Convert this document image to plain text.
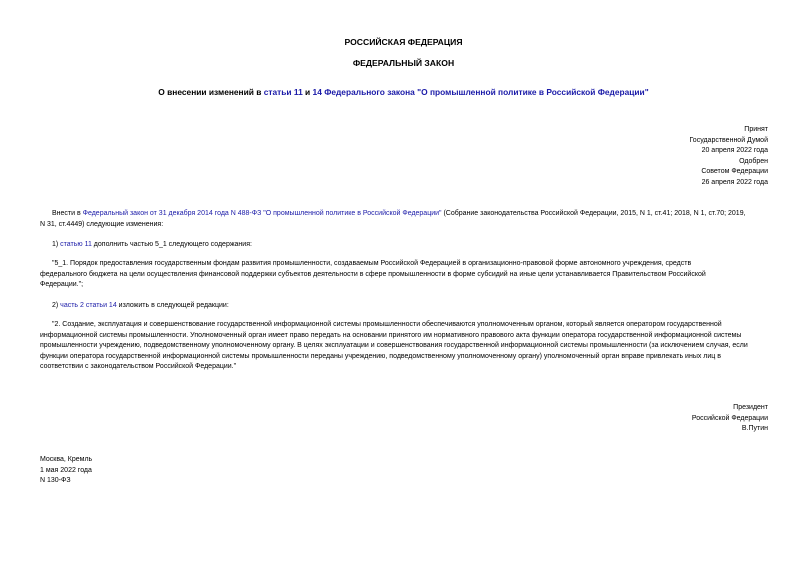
РОССИЙСКАЯ ФЕДЕРАЦИЯ
ФЕДЕРАЛЬНЫЙ ЗАКОН
О внесении изменений в статьи 11 и 14 Федерального закона "О промышленной политике в Российской Федерации"
Принят
Государственной Думой
20 апреля 2022 года
Одобрен
Советом Федерации
26 апреля 2022 года
Внести в Федеральный закон от 31 декабря 2014 года N 488-ФЗ "О промышленной политике в Российской Федерации" (Собрание законодательства Российской Федерации, 2015, N 1, ст.41; 2018, N 1, ст.70; 2019,
N 31, ст.4449) следующие изменения:
1) статью 11 дополнить частью 5_1 следующего содержания:
"5_1. Порядок предоставления государственным фондам развития промышленности, создаваемым Российской Федерацией в организационно-правовой форме автономного учреждения, средств
федерального бюджета на цели осуществления финансовой поддержки субъектов деятельности в сфере промышленности в форме субсидий на иные цели устанавливается Правительством Российской
Федерации.";
2) часть 2 статьи 14 изложить в следующей редакции:
"2. Создание, эксплуатация и совершенствование государственной информационной системы промышленности обеспечиваются уполномоченным органом, который является оператором государственной
информационной системы промышленности. Уполномоченный орган имеет право передать на основании принятого им нормативного правового акта функции оператора государственной информационной системы
промышленности учреждению, подведомственному уполномоченному органу. В целях эксплуатации и совершенствования государственной информационной системы промышленности (за исключением случая, если
функции оператора государственной информационной системы промышленности переданы учреждению, подведомственному уполномоченному органу) уполномоченный орган вправе привлекать иных лиц в
соответствии с законодательством Российской Федерации."
Президент
Российской Федерации
В.Путин
Москва, Кремль
1 мая 2022 года
N 130-ФЗ
